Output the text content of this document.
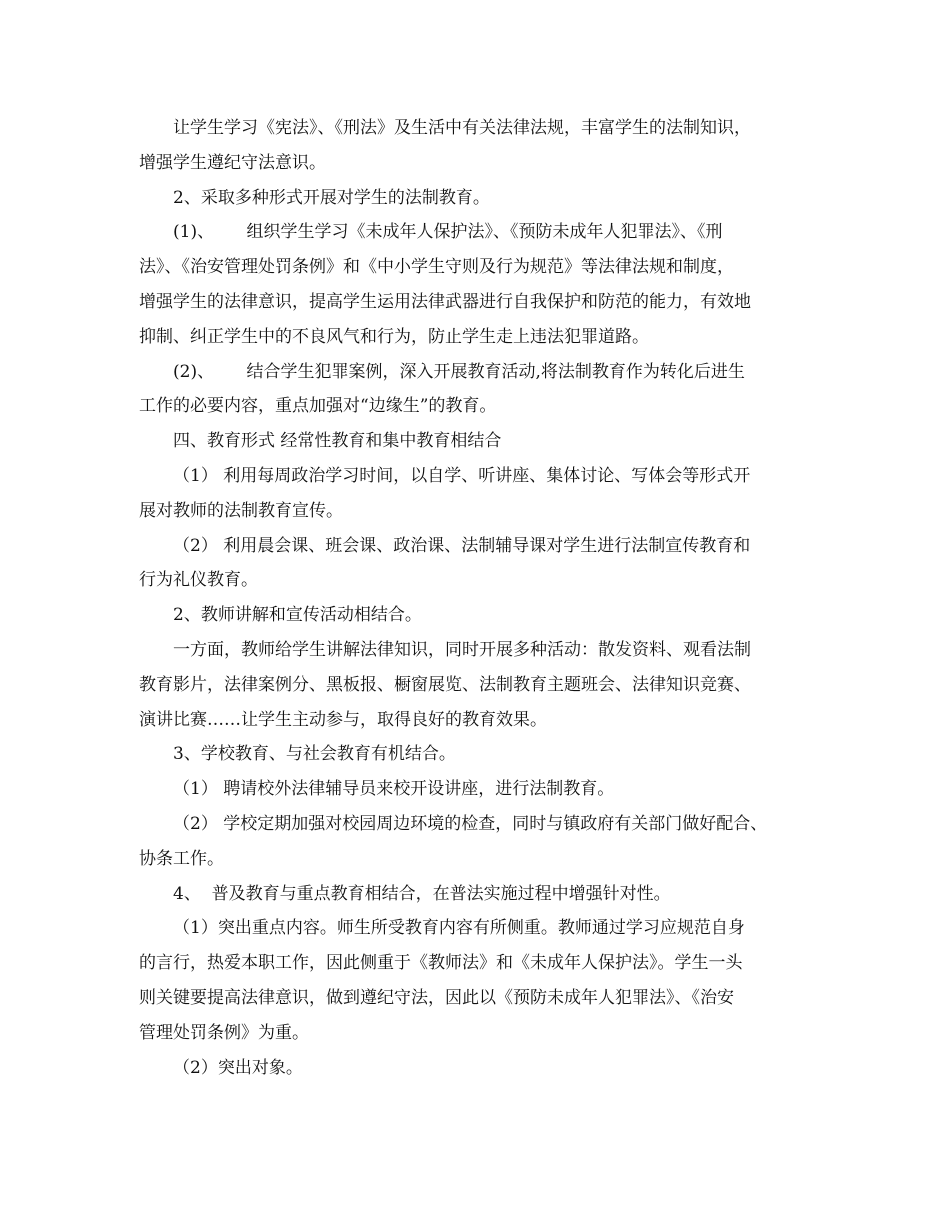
让学生学习《宪法》、《刑法》及生活中有关法律法规，丰富学生的法制知识，
增强学生遵纪守法意识。
2、采取多种形式开展对学生的法制教育。
(1)、      组织学生学习《未成年人保护法》、《预防未成年人犯罪法》、《刑
法》、《治安管理处罚条例》和《中小学生守则及行为规范》等法律法规和制度，
增强学生的法律意识，提高学生运用法律武器进行自我保护和防范的能力，有效地
抑制、纠正学生中的不良风气和行为，防止学生走上违法犯罪道路。
(2)、      结合学生犯罪案例，深入开展教育活动,将法制教育作为转化后进生
工作的必要内容，重点加强对“边缘生”的教育。
四、教育形式 经常性教育和集中教育相结合
（1） 利用每周政治学习时间，以自学、听讲座、集体讨论、写体会等形式开
展对教师的法制教育宣传。
（2） 利用晨会课、班会课、政治课、法制辅导课对学生进行法制宣传教育和
行为礼仪教育。
2、教师讲解和宣传活动相结合。
一方面，教师给学生讲解法律知识，同时开展多种活动：散发资料、观看法制
教育影片，法律案例分、黑板报、橱窗展览、法制教育主题班会、法律知识竞赛、
演讲比赛……让学生主动参与，取得良好的教育效果。
3、学校教育、与社会教育有机结合。
（1） 聘请校外法律辅导员来校开设讲座，进行法制教育。
（2） 学校定期加强对校园周边环境的检查，同时与镇政府有关部门做好配合、
协条工作。
4、  普及教育与重点教育相结合，在普法实施过程中增强针对性。
（1）突出重点内容。师生所受教育内容有所侧重。教师通过学习应规范自身
的言行，热爱本职工作，因此侧重于《教师法》和《未成年人保护法》。学生一头
则关键要提高法律意识，做到遵纪守法，因此以《预防未成年人犯罪法》、《治安
管理处罚条例》为重。
（2）突出对象。
